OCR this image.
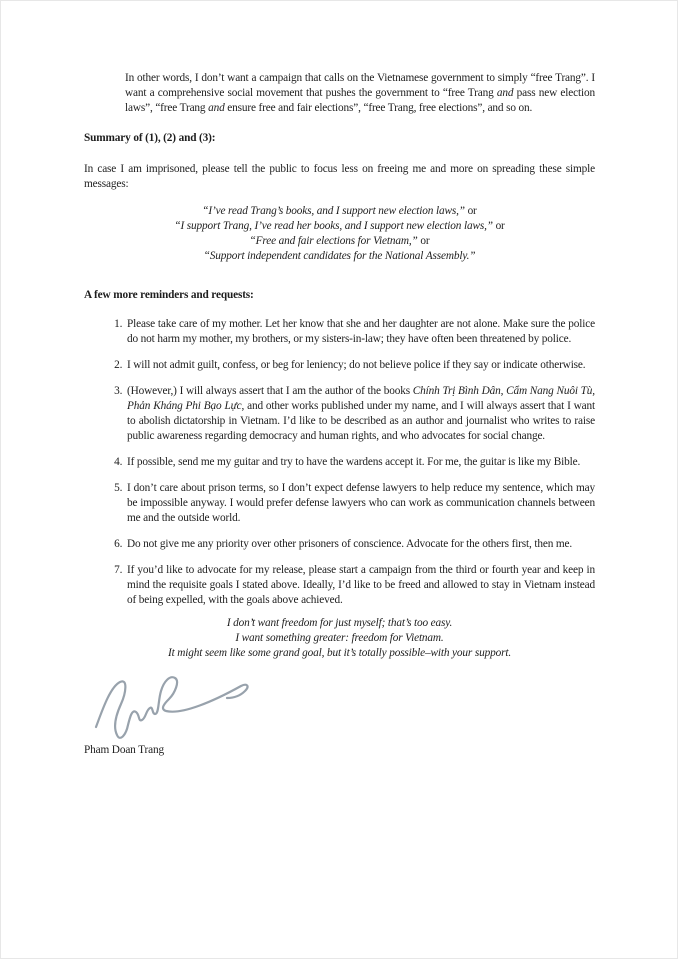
In other words, I don’t want a campaign that calls on the Vietnamese government to simply “free Trang”. I want a comprehensive social movement that pushes the government to “free Trang and pass new election laws”, “free Trang and ensure free and fair elections”, “free Trang, free elections”, and so on.

Summary of (1), (2) and (3):

In case I am imprisoned, please tell the public to focus less on freeing me and more on spreading these simple messages:

“I’ve read Trang’s books, and I support new election laws,” or
“I support Trang, I’ve read her books, and I support new election laws,” or
“Free and fair elections for Vietnam,” or
“Support independent candidates for the National Assembly.”

A few more reminders and requests:

1. Please take care of my mother. Let her know that she and her daughter are not alone. Make sure the police do not harm my mother, my brothers, or my sisters-in-law; they have often been threatened by police.
2. I will not admit guilt, confess, or beg for leniency; do not believe police if they say or indicate otherwise.
3. (However,) I will always assert that I am the author of the books Chính Trị Bình Dân, Cẩm Nang Nuôi Tù, Phản Kháng Phi Bạo Lực, and other works published under my name, and I will always assert that I want to abolish dictatorship in Vietnam. I’d like to be described as an author and journalist who writes to raise public awareness regarding democracy and human rights, and who advocates for social change.
4. If possible, send me my guitar and try to have the wardens accept it. For me, the guitar is like my Bible.
5. I don’t care about prison terms, so I don’t expect defense lawyers to help reduce my sentence, which may be impossible anyway. I would prefer defense lawyers who can work as communication channels between me and the outside world.
6. Do not give me any priority over other prisoners of conscience. Advocate for the others first, then me.
7. If you’d like to advocate for my release, please start a campaign from the third or fourth year and keep in mind the requisite goals I stated above. Ideally, I’d like to be freed and allowed to stay in Vietnam instead of being expelled, with the goals above achieved.
I don’t want freedom for just myself; that’s too easy.
I want something greater: freedom for Vietnam.
It might seem like some grand goal, but it’s totally possible–with your support.
Pham Doan Trang
